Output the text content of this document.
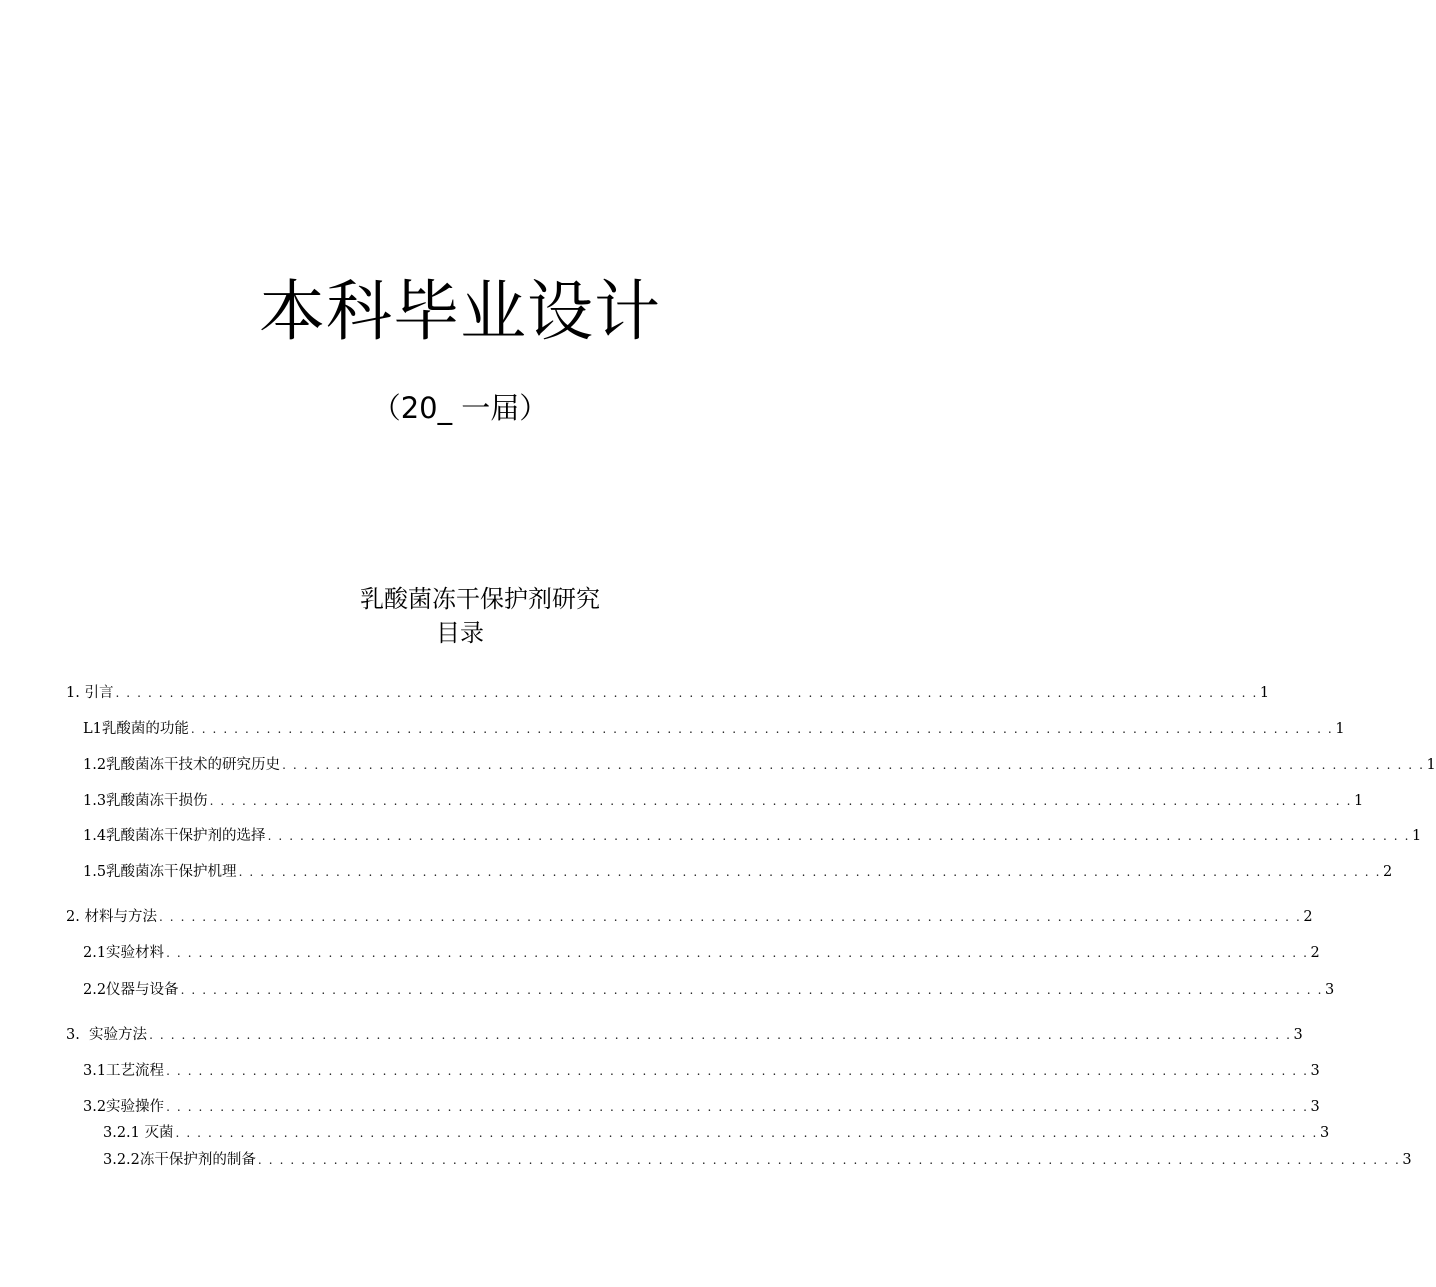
本科毕业设计
（20_ 一届）
乳酸菌冻干保护剂研究
目录
1. 引言 . . . . . . . . . . . . . . . . . . . . . . . . . . . . . . . . . . . . . . . . . . . . . . . . . . . . . . . . . . . . . . . . . . . . . . . . . . . . . . . . . . . . . . . . . . . . . . . . . . . . . . . . . . 1
L1乳酸菌的功能 . . . . . . . . . . . . . . . . . . . . . . . . . . . . . . . . . . . . . . . . . . . . . . . . . . . . . . . . . . . . . . . . . . . . . . . . . . . . . . . . . . . . . . . . . . . . . . . . . . . . . . . . . . 1
1.2乳酸菌冻干技术的研究历史 . . . . . . . . . . . . . . . . . . . . . . . . . . . . . . . . . . . . . . . . . . . . . . . . . . . . . . . . . . . . . . . . . . . . . . . . . . . . . . . . . . . . . . . . . . . . . . . . . . . . . . . . . . 1
1.3乳酸菌冻干损伤 . . . . . . . . . . . . . . . . . . . . . . . . . . . . . . . . . . . . . . . . . . . . . . . . . . . . . . . . . . . . . . . . . . . . . . . . . . . . . . . . . . . . . . . . . . . . . . . . . . . . . . . . . . 1
1.4乳酸菌冻干保护剂的选择 . . . . . . . . . . . . . . . . . . . . . . . . . . . . . . . . . . . . . . . . . . . . . . . . . . . . . . . . . . . . . . . . . . . . . . . . . . . . . . . . . . . . . . . . . . . . . . . . . . . . . . . . . . 1
1.5乳酸菌冻干保护机理 . . . . . . . . . . . . . . . . . . . . . . . . . . . . . . . . . . . . . . . . . . . . . . . . . . . . . . . . . . . . . . . . . . . . . . . . . . . . . . . . . . . . . . . . . . . . . . . . . . . . . . . . . . 2
2. 材料与方法 . . . . . . . . . . . . . . . . . . . . . . . . . . . . . . . . . . . . . . . . . . . . . . . . . . . . . . . . . . . . . . . . . . . . . . . . . . . . . . . . . . . . . . . . . . . . . . . . . . . . . . . . . . 2
2.1实验材料 . . . . . . . . . . . . . . . . . . . . . . . . . . . . . . . . . . . . . . . . . . . . . . . . . . . . . . . . . . . . . . . . . . . . . . . . . . . . . . . . . . . . . . . . . . . . . . . . . . . . . . . . . . 2
2.2仪器与设备 . . . . . . . . . . . . . . . . . . . . . . . . . . . . . . . . . . . . . . . . . . . . . . . . . . . . . . . . . . . . . . . . . . . . . . . . . . . . . . . . . . . . . . . . . . . . . . . . . . . . . . . . . . 3
3.  实验方法 . . . . . . . . . . . . . . . . . . . . . . . . . . . . . . . . . . . . . . . . . . . . . . . . . . . . . . . . . . . . . . . . . . . . . . . . . . . . . . . . . . . . . . . . . . . . . . . . . . . . . . . . . . 3
3.1工艺流程 . . . . . . . . . . . . . . . . . . . . . . . . . . . . . . . . . . . . . . . . . . . . . . . . . . . . . . . . . . . . . . . . . . . . . . . . . . . . . . . . . . . . . . . . . . . . . . . . . . . . . . . . . . 3
3.2实验操作 . . . . . . . . . . . . . . . . . . . . . . . . . . . . . . . . . . . . . . . . . . . . . . . . . . . . . . . . . . . . . . . . . . . . . . . . . . . . . . . . . . . . . . . . . . . . . . . . . . . . . . . . . . 3
3.2.1 灭菌 . . . . . . . . . . . . . . . . . . . . . . . . . . . . . . . . . . . . . . . . . . . . . . . . . . . . . . . . . . . . . . . . . . . . . . . . . . . . . . . . . . . . . . . . . . . . . . . . . . . . . . . . . . 3
3.2.2冻干保护剂的制备 . . . . . . . . . . . . . . . . . . . . . . . . . . . . . . . . . . . . . . . . . . . . . . . . . . . . . . . . . . . . . . . . . . . . . . . . . . . . . . . . . . . . . . . . . . . . . . . . . . . . . . . . . . 3
